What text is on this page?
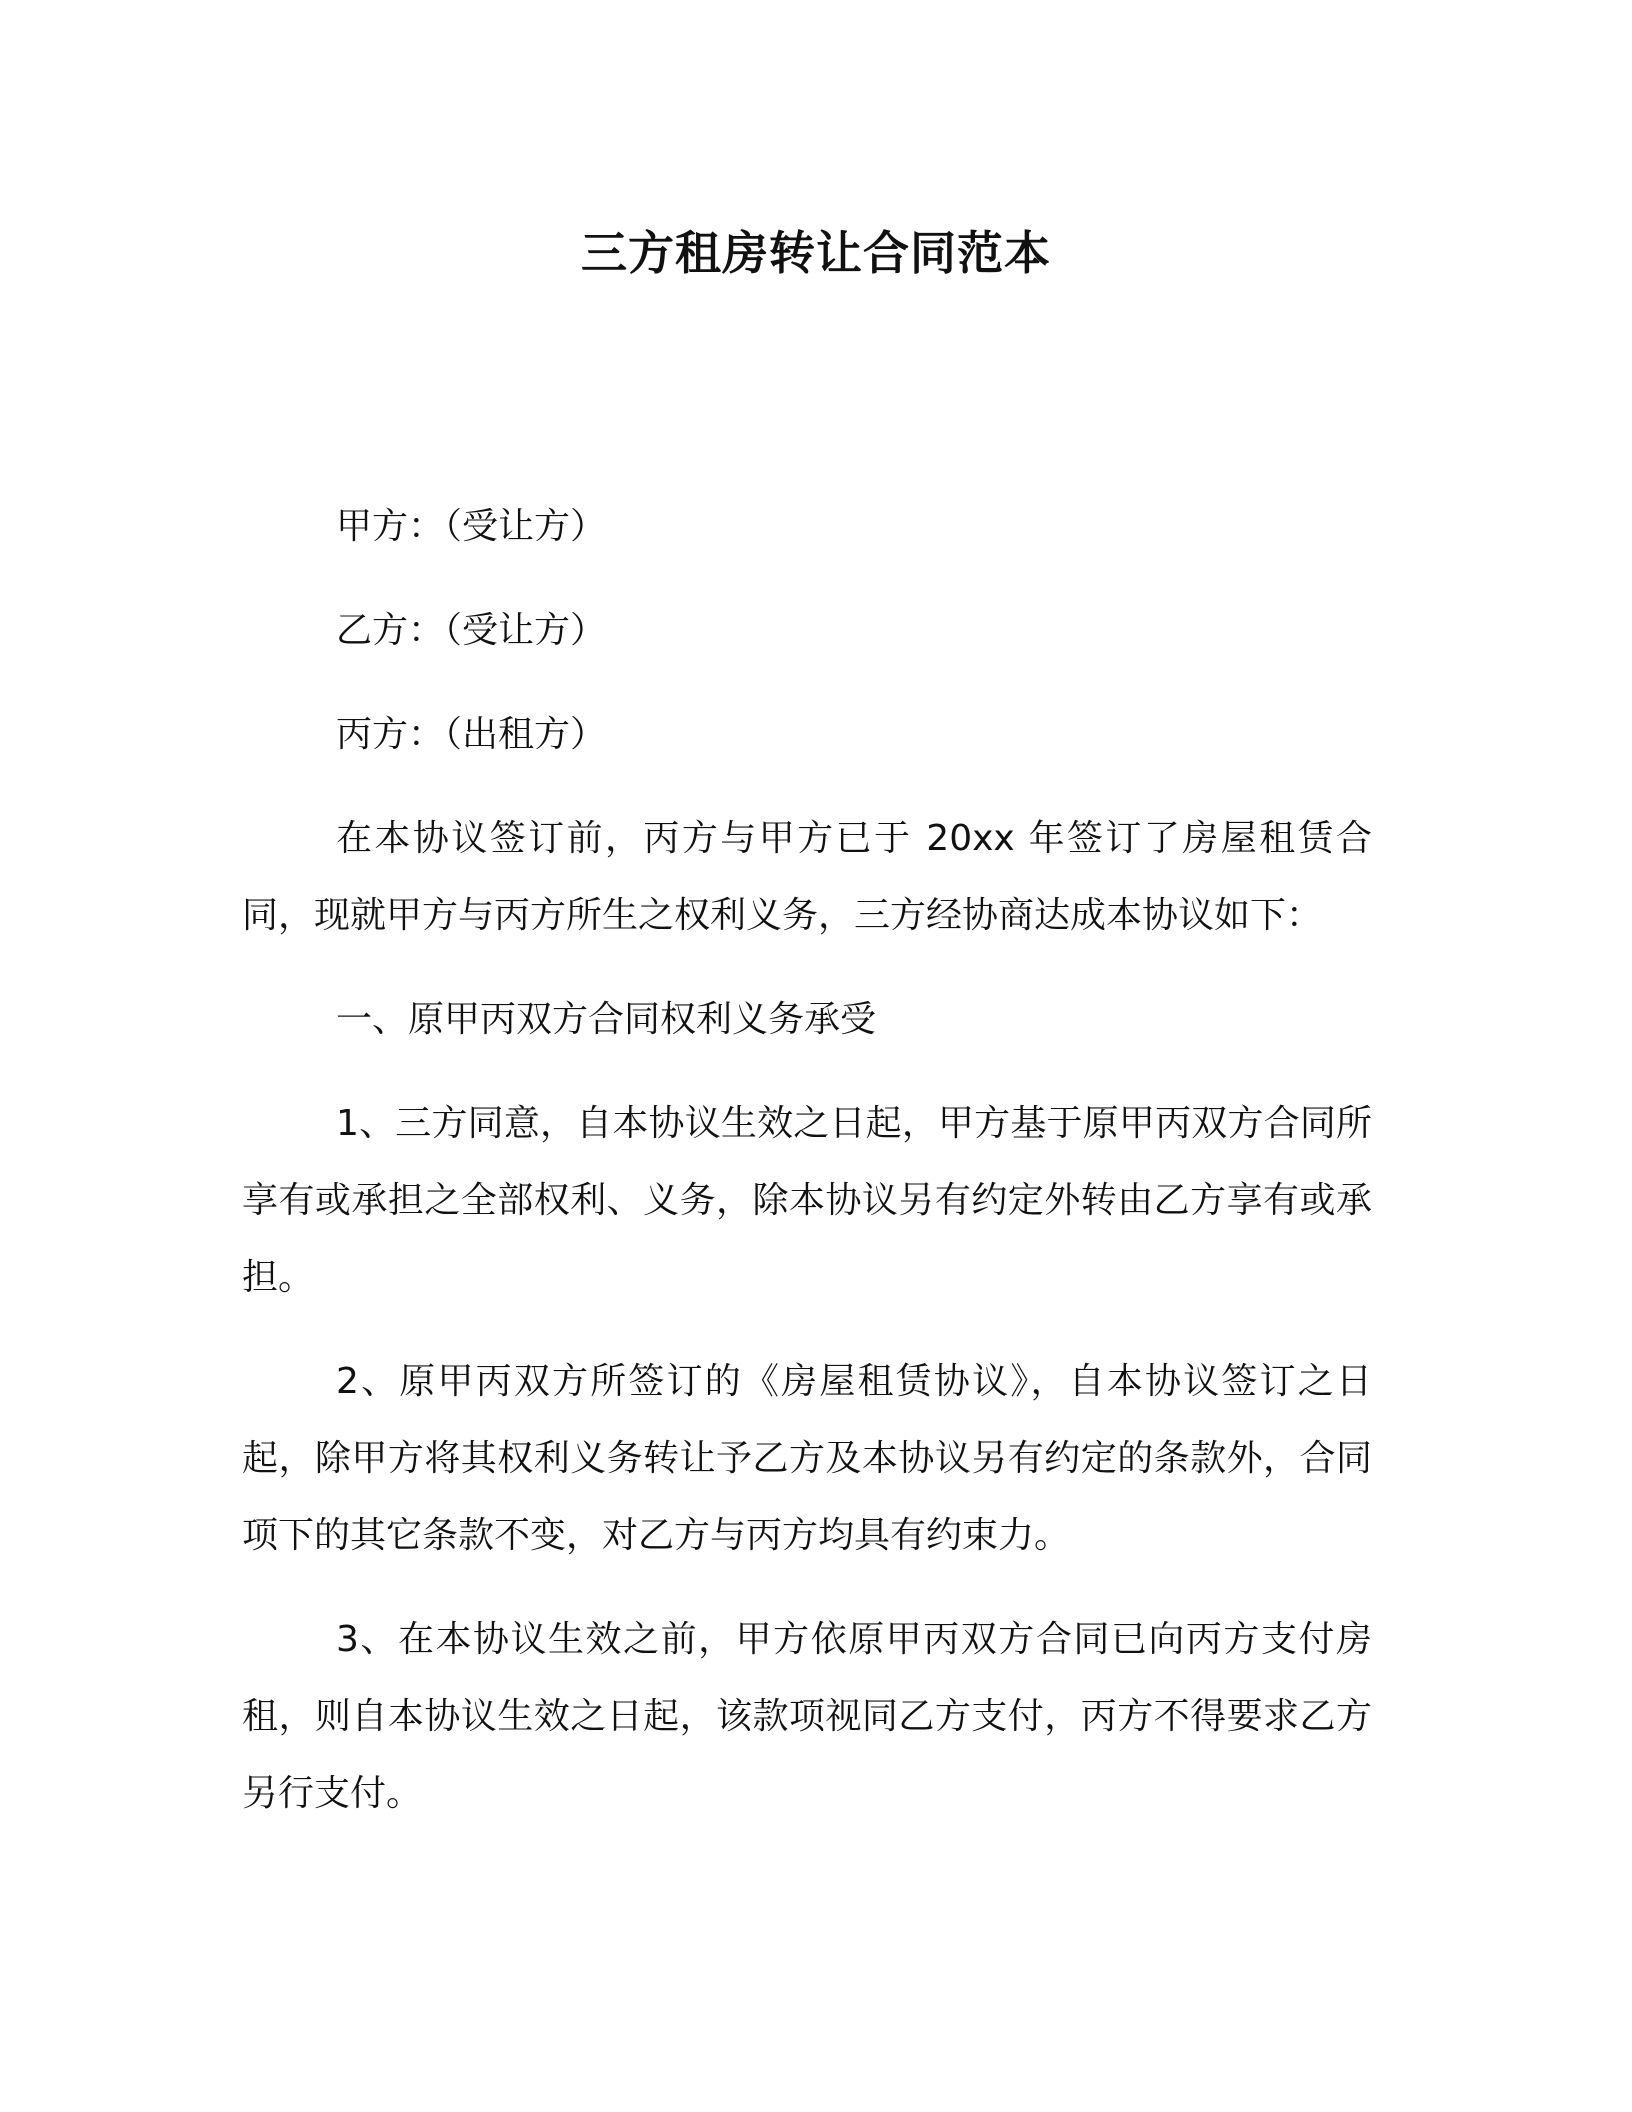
三方租房转让合同范本
甲方：（受让方）
乙方：（受让方）
丙方：（出租方）

在本协议签订前，丙方与甲方已于 20xx 年签订了房屋租赁合同，现就甲方与丙方所生之权利义务，三方经协商达成本协议如下：

一、原甲丙双方合同权利义务承受

1、三方同意，自本协议生效之日起，甲方基于原甲丙双方合同所享有或承担之全部权利、义务，除本协议另有约定外转由乙方享有或承担。

2、原甲丙双方所签订的《房屋租赁协议》，自本协议签订之日起，除甲方将其权利义务转让予乙方及本协议另有约定的条款外，合同项下的其它条款不变，对乙方与丙方均具有约束力。

3、在本协议生效之前，甲方依原甲丙双方合同已向丙方支付房租，则自本协议生效之日起，该款项视同乙方支付，丙方不得要求乙方另行支付。
